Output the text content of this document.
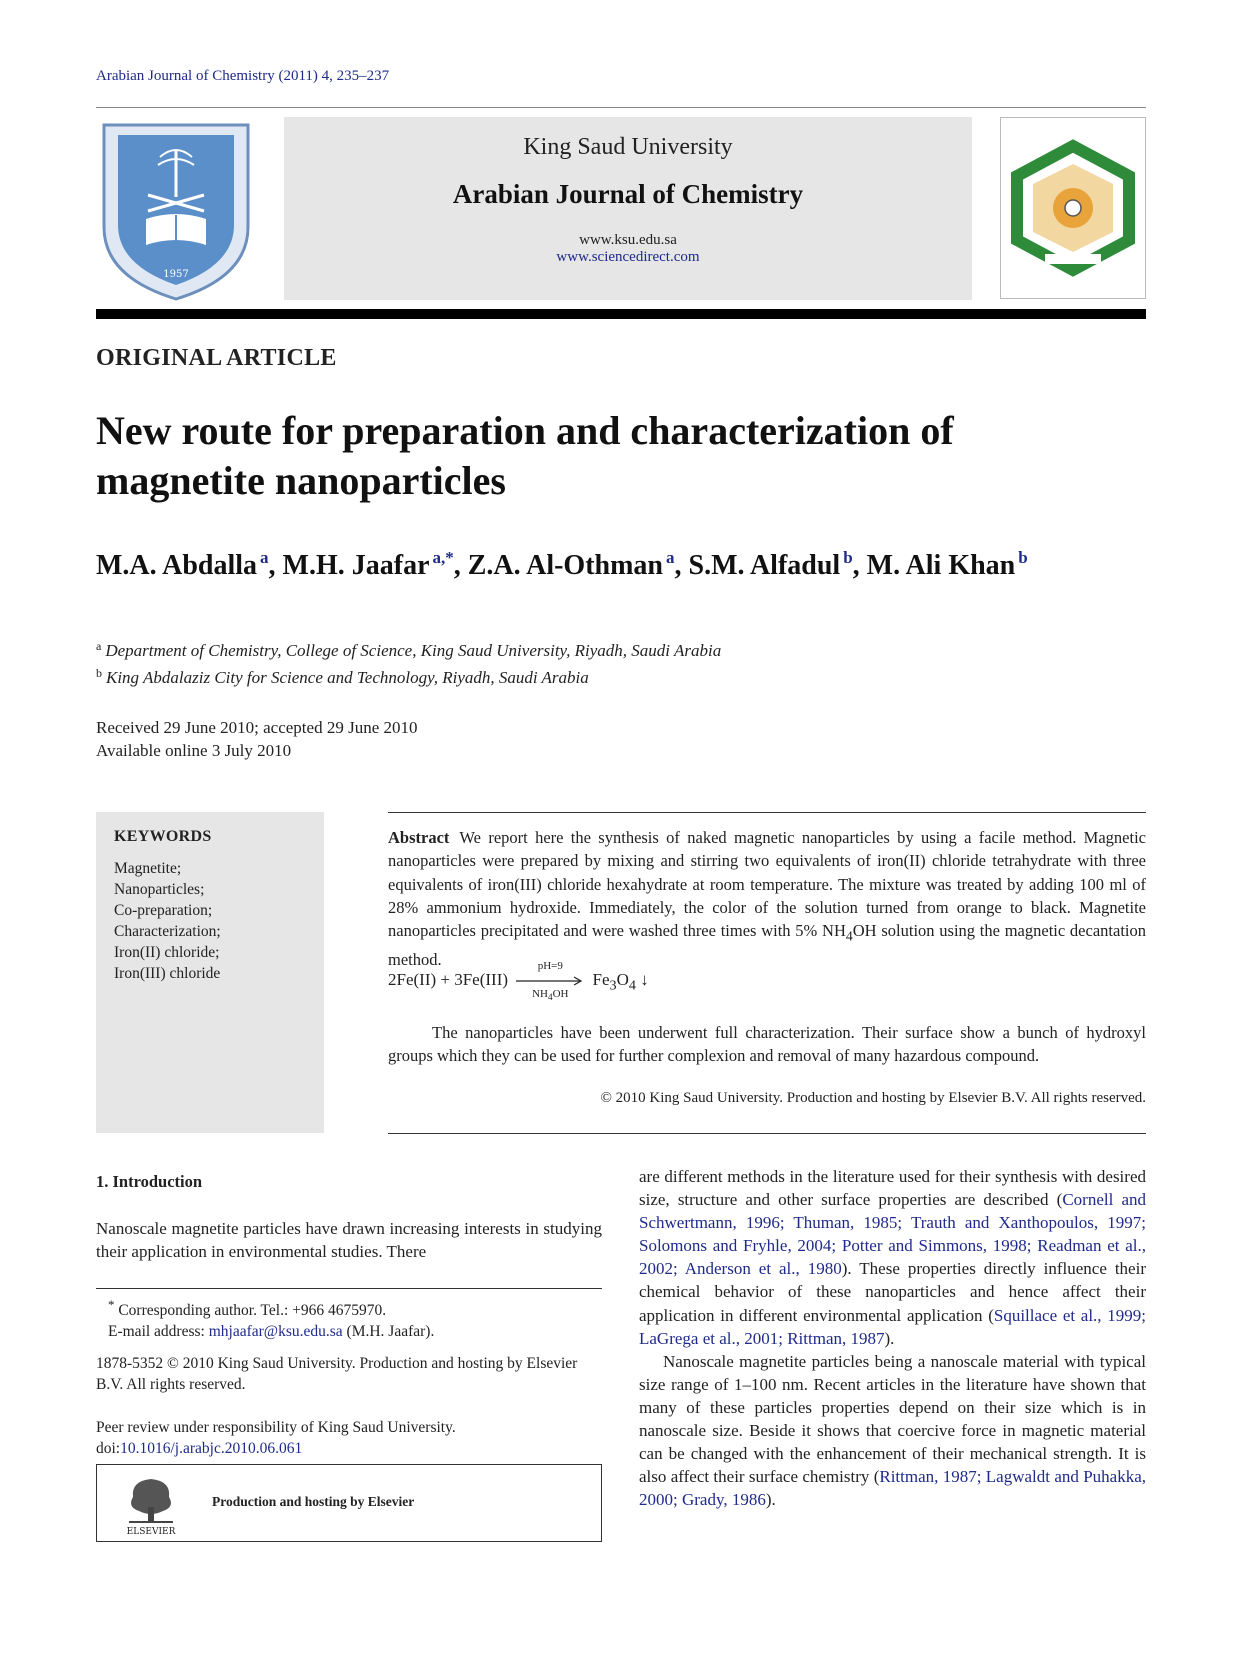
Arabian Journal of Chemistry (2011) 4, 235–237
1957
King Saud University
Arabian Journal of Chemistry
www.ksu.edu.sa
www.sciencedirect.com
ORIGINAL ARTICLE
New route for preparation and characterization of magnetite nanoparticles
M.A. Abdalla $^a$, M.H. Jaafar $^{a,*}$, Z.A. Al-Othman $^a$, S.M. Alfadul $^b$, M. Ali Khan $^b$
$^a$ Department of Chemistry, College of Science, King Saud University, Riyadh, Saudi Arabia
$^b$ King Abdalaziz City for Science and Technology, Riyadh, Saudi Arabia
Received 29 June 2010; accepted 29 June 2010
Available online 3 July 2010
KEYWORDS
Magnetite;
Nanoparticles;
Co-preparation;
Characterization;
Iron(II) chloride;
Iron(III) chloride
Abstract We report here the synthesis of naked magnetic nanoparticles by using a facile method. Magnetic nanoparticles were prepared by mixing and stirring two equivalents of iron(II) chloride tetrahydrate with three equivalents of iron(III) chloride hexahydrate at room temperature. The mixture was treated by adding 100 ml of 28% ammonium hydroxide. Immediately, the color of the solution turned from orange to black. Magnetite nanoparticles precipitated and were washed three times with 5% $NH_4OH$ solution using the magnetic decantation method.
2Fe(II) + 3Fe(III)
pH=9
$NH_4OH$
$Fe_3O_4$ ↓
The nanoparticles have been underwent full characterization. Their surface show a bunch of hydroxyl groups which they can be used for further complexion and removal of many hazardous compound.
© 2010 King Saud University. Production and hosting by Elsevier B.V. All rights reserved.
1. Introduction
Nanoscale magnetite particles have drawn increasing interests in studying their application in environmental studies. There
* Corresponding author. Tel.: +966 4675970.
E-mail address: mhjaafar@ksu.edu.sa (M.H. Jaafar).
1878-5352 © 2010 King Saud University. Production and hosting by Elsevier B.V. All rights reserved.
Peer review under responsibility of King Saud University.
doi:10.1016/j.arabjc.2010.06.061
ELSEVIER
Production and hosting by Elsevier

are different methods in the literature used for their synthesis with desired size, structure and other surface properties are described (Cornell and Schwertmann, 1996; Thuman, 1985; Trauth and Xanthopoulos, 1997; Solomons and Fryhle, 2004; Potter and Simmons, 1998; Readman et al., 2002; Anderson et al., 1980). These properties directly influence their chemical behavior of these nanoparticles and hence affect their application in different environmental application (Squillace et al., 1999; LaGrega et al., 2001; Rittman, 1987).

Nanoscale magnetite particles being a nanoscale material with typical size range of 1–100 nm. Recent articles in the literature have shown that many of these particles properties depend on their size which is in nanoscale size. Beside it shows that coercive force in magnetic material can be changed with the enhancement of their mechanical strength. It is also affect their surface chemistry (Rittman, 1987; Lagwaldt and Puhakka, 2000; Grady, 1986).
